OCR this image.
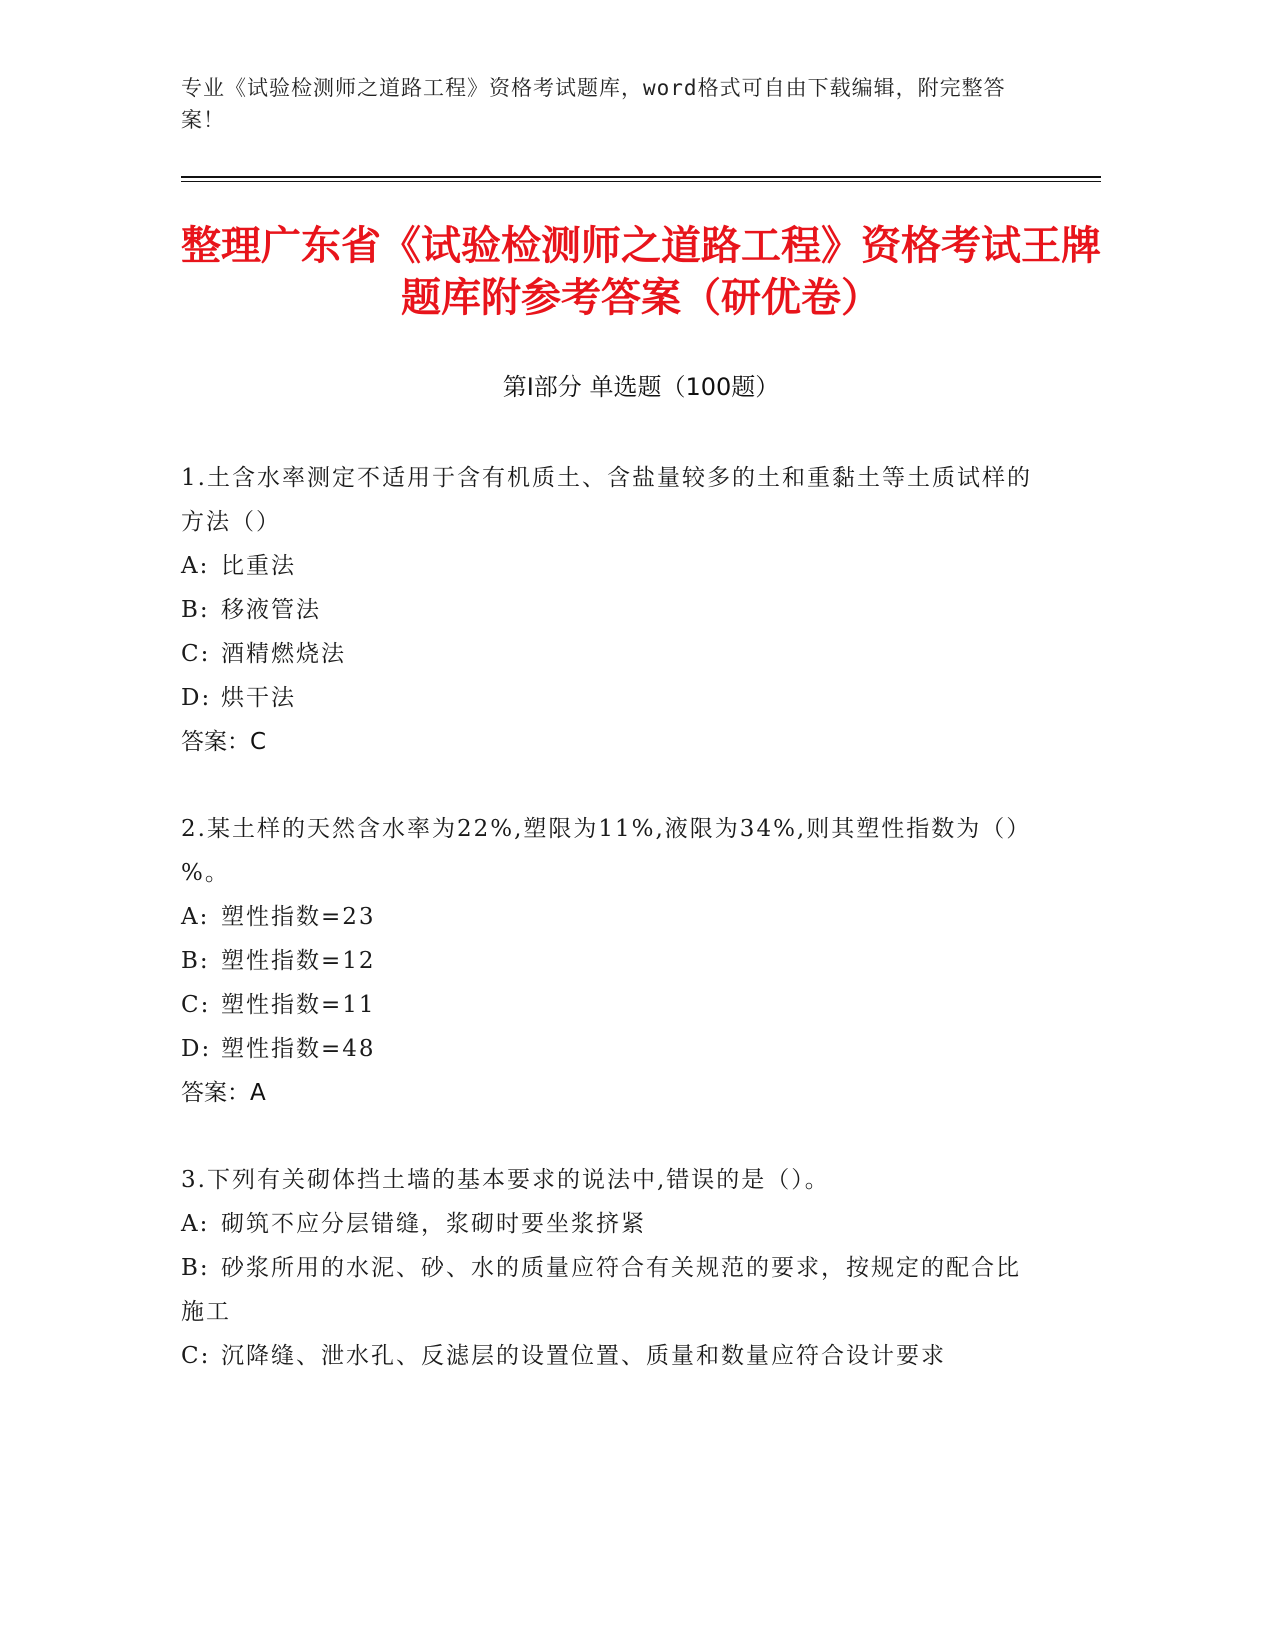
专业《试验检测师之道路工程》资格考试题库，word格式可自由下载编辑，附完整答案！
整理广东省《试验检测师之道路工程》资格考试王牌题库附参考答案（研优卷）
第Ⅰ部分 单选题（100题）

1.土含水率测定不适用于含有机质土、含盐量较多的土和重黏土等土质试样的方法（）

A: 比重法

B: 移液管法

C: 酒精燃烧法

D: 烘干法

答案：C

2.某土样的天然含水率为22%,塑限为11%,液限为34%,则其塑性指数为（）%。

A: 塑性指数=23

B: 塑性指数=12

C: 塑性指数=11

D: 塑性指数=48

答案：A

3.下列有关砌体挡土墙的基本要求的说法中,错误的是（）。

A: 砌筑不应分层错缝，浆砌时要坐浆挤紧

B: 砂浆所用的水泥、砂、水的质量应符合有关规范的要求，按规定的配合比施工

C: 沉降缝、泄水孔、反滤层的设置位置、质量和数量应符合设计要求
